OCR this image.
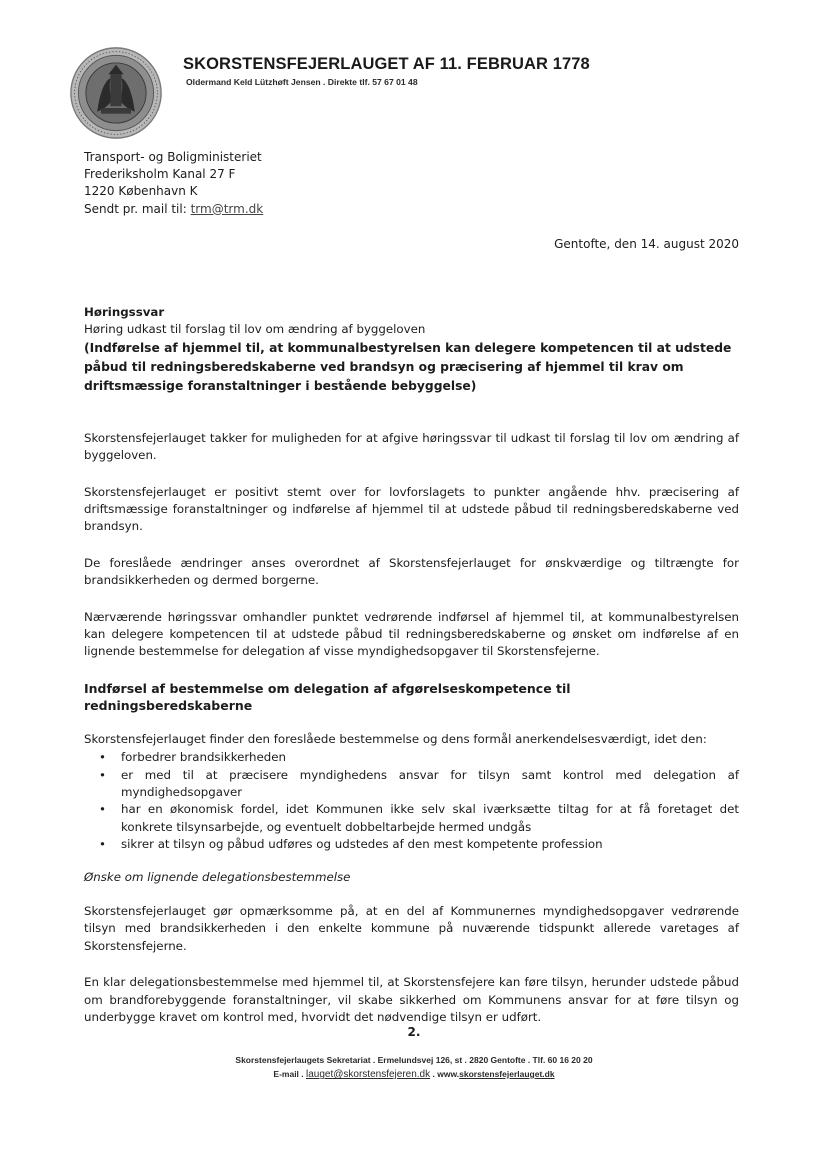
SKORSTENSFEJERLAUGET AF 11. FEBRUAR 1778
Oldermand Keld Lützhøft Jensen . Direkte tlf. 57 67 01 48
Transport- og Boligministeriet
Frederiksholm Kanal 27 F
1220 København K
Sendt pr. mail til: trm@trm.dk
Gentofte, den 14. august 2020
Høringssvar
Høring udkast til forslag til lov om ændring af byggeloven
(Indførelse af hjemmel til, at kommunalbestyrelsen kan delegere kompetencen til at udstede
påbud til redningsberedskaberne ved brandsyn og præcisering af hjemmel til krav om
driftsmæssige foranstaltninger i bestående bebyggelse)

Skorstensfejerlauget takker for muligheden for at afgive høringssvar til udkast til forslag til lov om ændring af byggeloven.

Skorstensfejerlauget er positivt stemt over for lovforslagets to punkter angående hhv. præcisering af driftsmæssige foranstaltninger og indførelse af hjemmel til at udstede påbud til redningsberedskaberne ved brandsyn.

De foreslåede ændringer anses overordnet af Skorstensfejerlauget for ønskværdige og tiltrængte for brandsikkerheden og dermed borgerne.

Nærværende høringssvar omhandler punktet vedrørende indførsel af hjemmel til, at kommunalbestyrelsen kan delegere kompetencen til at udstede påbud til redningsberedskaberne og ønsket om indførelse af en lignende bestemmelse for delegation af visse myndighedsopgaver til Skorstensfejerne.

Indførsel af bestemmelse om delegation af afgørelseskompetence til redningsberedskaberne
Skorstensfejerlauget finder den foreslåede bestemmelse og dens formål anerkendelsesværdigt, idet den:
• forbedrer brandsikkerheden
• er med til at præcisere myndighedens ansvar for tilsyn samt kontrol med delegation af myndighedsopgaver
• har en økonomisk fordel, idet Kommunen ikke selv skal iværksætte tiltag for at få foretaget det konkrete tilsynsarbejde, og eventuelt dobbeltarbejde hermed undgås
• sikrer at tilsyn og påbud udføres og udstedes af den mest kompetente profession
Ønske om lignende delegationsbestemmelse

Skorstensfejerlauget gør opmærksomme på, at en del af Kommunernes myndighedsopgaver vedrørende tilsyn med brandsikkerheden i den enkelte kommune på nuværende tidspunkt allerede varetages af Skorstensfejerne.

En klar delegationsbestemmelse med hjemmel til, at Skorstensfejere kan føre tilsyn, herunder udstede påbud om brandforebyggende foranstaltninger, vil skabe sikkerhed om Kommunens ansvar for at føre tilsyn og underbygge kravet om kontrol med, hvorvidt det nødvendige tilsyn er udført.

2.
Skorstensfejerlaugets Sekretariat . Ermelundsvej 126, st . 2820 Gentofte . Tlf. 60 16 20 20
E-mail . lauget@skorstensfejeren.dk . www.skorstensfejerlauget.dk
